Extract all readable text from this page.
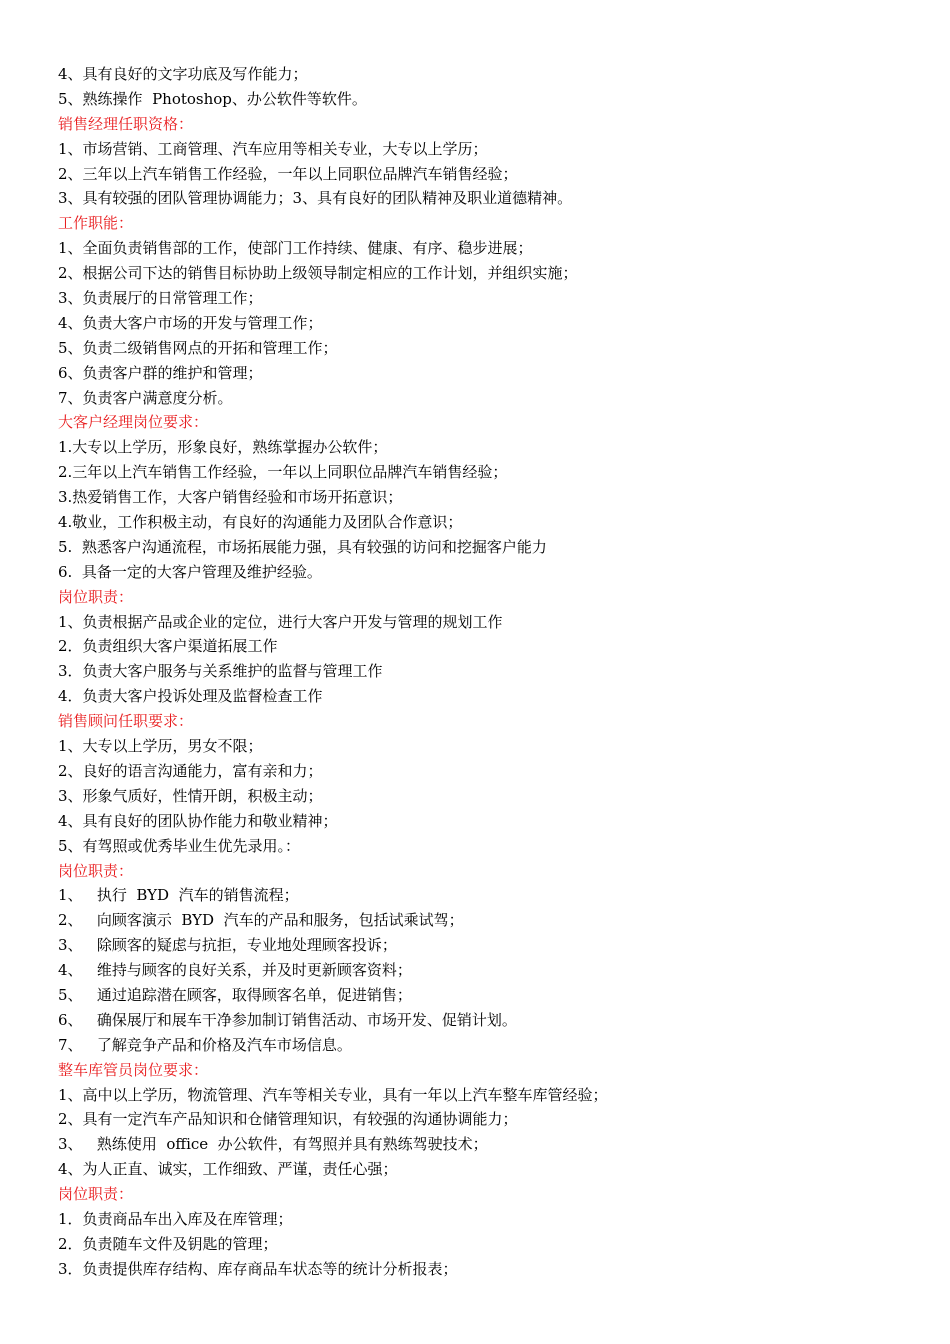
4、具有良好的文字功底及写作能力；
5、熟练操作  Photoshop、办公软件等软件。
销售经理任职资格：
1、市场营销、工商管理、汽车应用等相关专业，大专以上学历；
2、三年以上汽车销售工作经验，一年以上同职位品牌汽车销售经验；
3、具有较强的团队管理协调能力；3、具有良好的团队精神及职业道德精神。
工作职能：
1、全面负责销售部的工作，使部门工作持续、健康、有序、稳步进展；
2、根据公司下达的销售目标协助上级领导制定相应的工作计划，并组织实施；
3、负责展厅的日常管理工作；
4、负责大客户市场的开发与管理工作；
5、负责二级销售网点的开拓和管理工作；
6、负责客户群的维护和管理；
7、负责客户满意度分析。
大客户经理岗位要求：
1.大专以上学历，形象良好，熟练掌握办公软件；
2.三年以上汽车销售工作经验，一年以上同职位品牌汽车销售经验；
3.热爱销售工作，大客户销售经验和市场开拓意识；
4.敬业，工作积极主动，有良好的沟通能力及团队合作意识；
5.  熟悉客户沟通流程，市场拓展能力强，具有较强的访问和挖掘客户能力
6.  具备一定的大客户管理及维护经验。
岗位职责：
1、负责根据产品或企业的定位，进行大客户开发与管理的规划工作
2．负责组织大客户渠道拓展工作
3．负责大客户服务与关系维护的监督与管理工作
4．负责大客户投诉处理及监督检查工作
销售顾问任职要求：
1、大专以上学历，男女不限；
2、良好的语言沟通能力，富有亲和力；
3、形象气质好，性情开朗，积极主动；
4、具有良好的团队协作能力和敬业精神；
5、有驾照或优秀毕业生优先录用。：
岗位职责：
1、   执行  BYD  汽车的销售流程；
2、   向顾客演示  BYD  汽车的产品和服务，包括试乘试驾；
3、   除顾客的疑虑与抗拒，专业地处理顾客投诉；
4、   维持与顾客的良好关系，并及时更新顾客资料；
5、   通过追踪潜在顾客，取得顾客名单，促进销售；
6、   确保展厅和展车干净参加制订销售活动、市场开发、促销计划。
7、   了解竞争产品和价格及汽车市场信息。
整车库管员岗位要求：
1、高中以上学历，物流管理、汽车等相关专业，具有一年以上汽车整车库管经验；
2、具有一定汽车产品知识和仓储管理知识，有较强的沟通协调能力；
3、   熟练使用  office  办公软件，有驾照并具有熟练驾驶技术；
4、为人正直、诚实，工作细致、严谨，责任心强；
岗位职责：
1．负责商品车出入库及在库管理；
2．负责随车文件及钥匙的管理；
3．负责提供库存结构、库存商品车状态等的统计分析报表；
